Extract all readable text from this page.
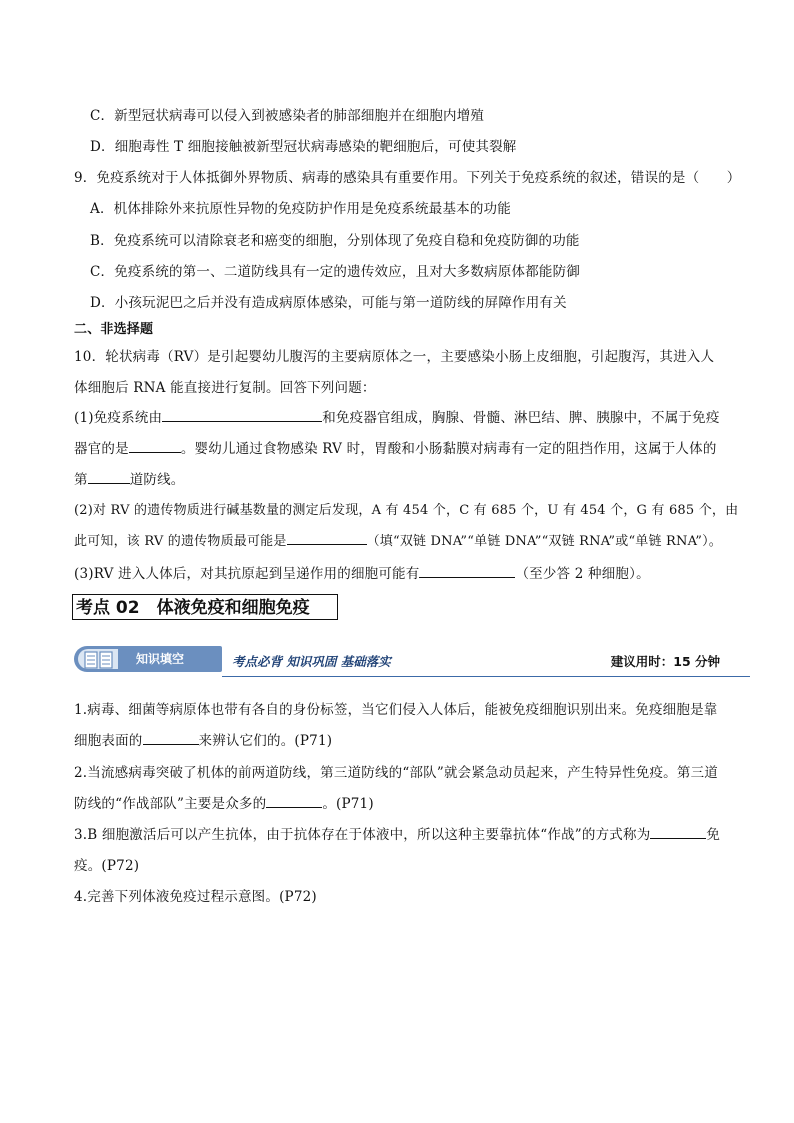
C．新型冠状病毒可以侵入到被感染者的肺部细胞并在细胞内增殖
D．细胞毒性 T 细胞接触被新型冠状病毒感染的靶细胞后，可使其裂解
9．免疫系统对于人体抵御外界物质、病毒的感染具有重要作用。下列关于免疫系统的叙述，错误的是（　　）
A．机体排除外来抗原性异物的免疫防护作用是免疫系统最基本的功能
B．免疫系统可以清除衰老和癌变的细胞，分别体现了免疫自稳和免疫防御的功能
C．免疫系统的第一、二道防线具有一定的遗传效应，且对大多数病原体都能防御
D．小孩玩泥巴之后并没有造成病原体感染，可能与第一道防线的屏障作用有关
二、非选择题
10．轮状病毒（RV）是引起婴幼儿腹泻的主要病原体之一，主要感染小肠上皮细胞，引起腹泻，其进入人
体细胞后 RNA 能直接进行复制。回答下列问题：
(1)免疫系统由	和免疫器官组成，胸腺、骨髓、淋巴结、脾、胰腺中，不属于免疫
器官的是	。婴幼儿通过食物感染 RV 时，胃酸和小肠黏膜对病毒有一定的阻挡作用，这属于人体的
第	道防线。
(2)对 RV 的遗传物质进行碱基数量的测定后发现，A 有 454 个，C 有 685 个，U 有 454 个，G 有 685 个，由
此可知，该 RV 的遗传物质最可能是	（填“双链 DNA”“单链 DNA”“双链 RNA”或“单链 RNA”）。
(3)RV 进入人体后，对其抗原起到呈递作用的细胞可能有	（至少答 2 种细胞）。
考点 02　体液免疫和细胞免疫
知识填空	考点必背 知识巩固 基础落实	建议用时：15 分钟
1.病毒、细菌等病原体也带有各自的身份标签，当它们侵入人体后，能被免疫细胞识别出来。免疫细胞是靠
细胞表面的	来辨认它们的。(P71)
2.当流感病毒突破了机体的前两道防线，第三道防线的“部队”就会紧急动员起来，产生特异性免疫。第三道
防线的“作战部队”主要是众多的	。(P71)
3.B 细胞激活后可以产生抗体，由于抗体存在于体液中，所以这种主要靠抗体“作战”的方式称为	免
疫。(P72)
4.完善下列体液免疫过程示意图。(P72)
